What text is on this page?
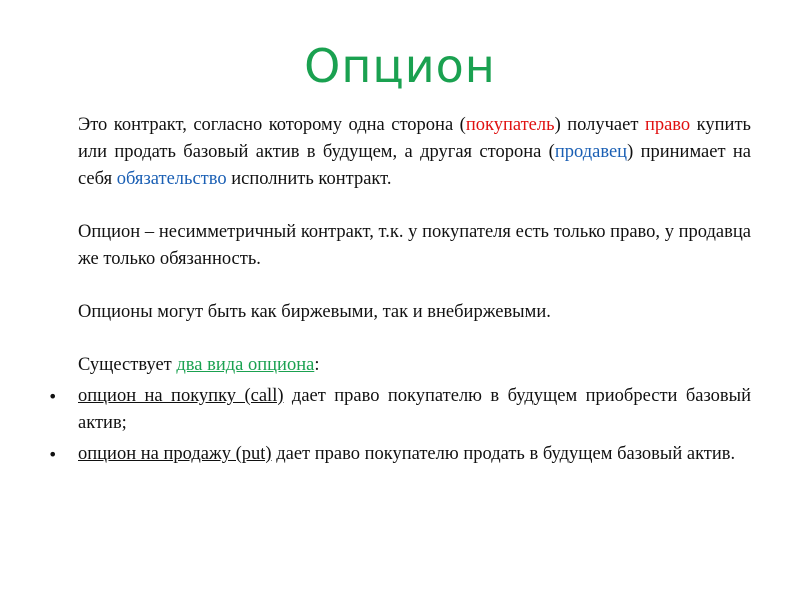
Опцион

Это контракт, согласно которому одна сторона (покупатель) получает право купить или продать базовый актив в будущем, а другая сторона (продавец) принимает на себя обязательство исполнить контракт.

Опцион – несимметричный контракт, т.к. у покупателя есть только право, у продавца же только обязанность.

Опционы могут быть как биржевыми, так и внебиржевыми.

Существует два вида опциона:

• опцион на покупку (call) дает право покупателю в будущем приобрести базовый актив;
• опцион на продажу (put) дает право покупателю продать в будущем базовый актив.
